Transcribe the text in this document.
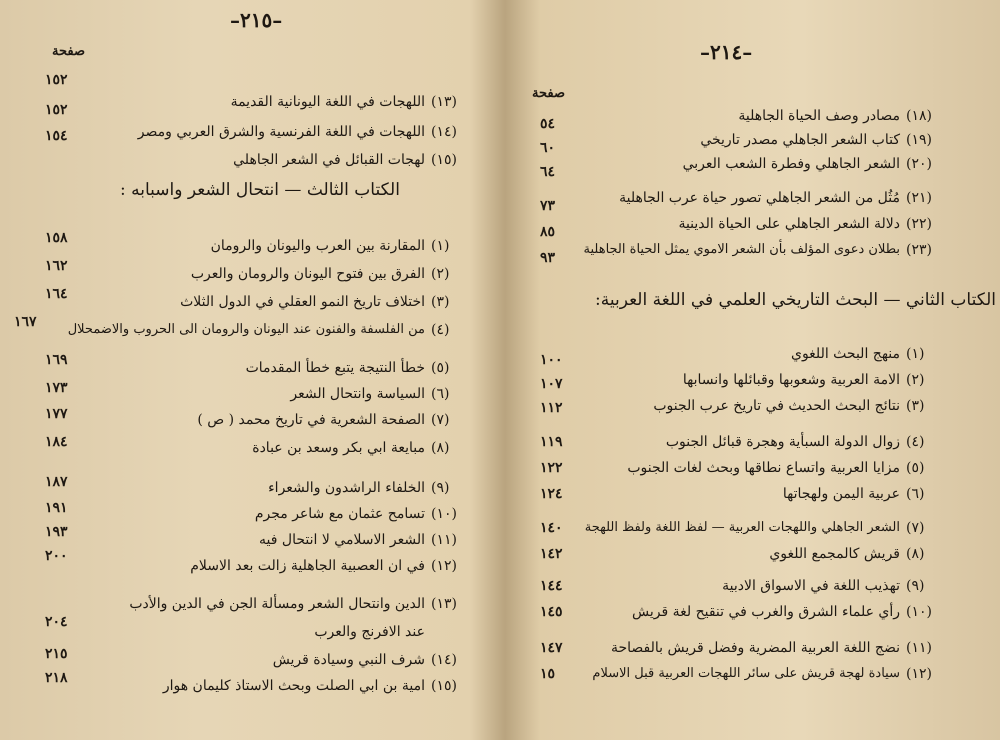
–٢١٥–
صفحة
(١٣)
اللهجات في اللغة اليونانية القديمة
١٥٢
(١٤)
اللهجات في اللغة الفرنسية والشرق العربي ومصر
١٥٢
(١٥)
لهجات القبائل في الشعر الجاهلي
١٥٤
الكتاب الثالث — انتحال الشعر واسبابه :
(١)
المقارنة بين العرب واليونان والرومان
١٥٨
(٢)
الفرق بين فتوح اليونان والرومان والعرب
١٦٢
(٣)
اختلاف تاريخ النمو العقلي في الدول الثلاث
١٦٤
(٤)
من الفلسفة والفنون عند اليونان والرومان الى الحروب والاضمحلال
١٦٧
(٥)
خطأ النتيجة يتبع خطأ المقدمات
١٦٩
(٦)
السياسة وانتحال الشعر
١٧٣
(٧)
الصفحة الشعرية في تاريخ محمد ( ص )
١٧٧
(٨)
مبايعة ابي بكر وسعد بن عبادة
١٨٤
(٩)
الخلفاء الراشدون والشعراء
١٨٧
(١٠)
تسامح عثمان مع شاعر مجرم
١٩١
(١١)
الشعر الاسلامي لا انتحال فيه
١٩٣
(١٢)
في ان العصبية الجاهلية زالت بعد الاسلام
٢٠٠
(١٣)
الدين وانتحال الشعر ومسألة الجن في الدين والأدب
عند الافرنج والعرب
٢٠٤
(١٤)
شرف النبي وسيادة قريش
٢١٥
(١٥)
امية بن ابي الصلت وبحث الاستاذ كليمان هوار
٢١٨
–٢١٤–
صفحة
(١٨)
مصادر وصف الحياة الجاهلية
٥٤
(١٩)
كتاب الشعر الجاهلي مصدر تاريخي
٦٠
(٢٠)
الشعر الجاهلي وفطرة الشعب العربي
٦٤
(٢١)
مُثُل من الشعر الجاهلي تصور حياة عرب الجاهلية
٧٣
(٢٢)
دلالة الشعر الجاهلي على الحياة الدينية
٨٥
(٢٣)
بطلان دعوى المؤلف بأن الشعر الاموي يمثل الحياة الجاهلية
٩٣
الكتاب الثاني — البحث التاريخي العلمي في اللغة العربية:
(١)
منهج البحث اللغوي
١٠٠
(٢)
الامة العربية وشعوبها وقبائلها وانسابها
١٠٧
(٣)
نتائج البحث الحديث في تاريخ عرب الجنوب
١١٢
(٤)
زوال الدولة السبأية وهجرة قبائل الجنوب
١١٩
(٥)
مزايا العربية واتساع نطاقها وبحث لغات الجنوب
١٢٢
(٦)
عربية اليمن ولهجاتها
١٢٤
(٧)
الشعر الجاهلي واللهجات العربية — لفظ اللغة ولفظ اللهجة
١٤٠
(٨)
قريش كالمجمع اللغوي
١٤٢
(٩)
تهذيب اللغة في الاسواق الادبية
١٤٤
(١٠)
رأي علماء الشرق والغرب في تنقيح لغة قريش
١٤٥
(١١)
نضج اللغة العربية المضرية وفضل قريش بالفصاحة
١٤٧
(١٢)
سيادة لهجة قريش على سائر اللهجات العربية قبل الاسلام
١٥
